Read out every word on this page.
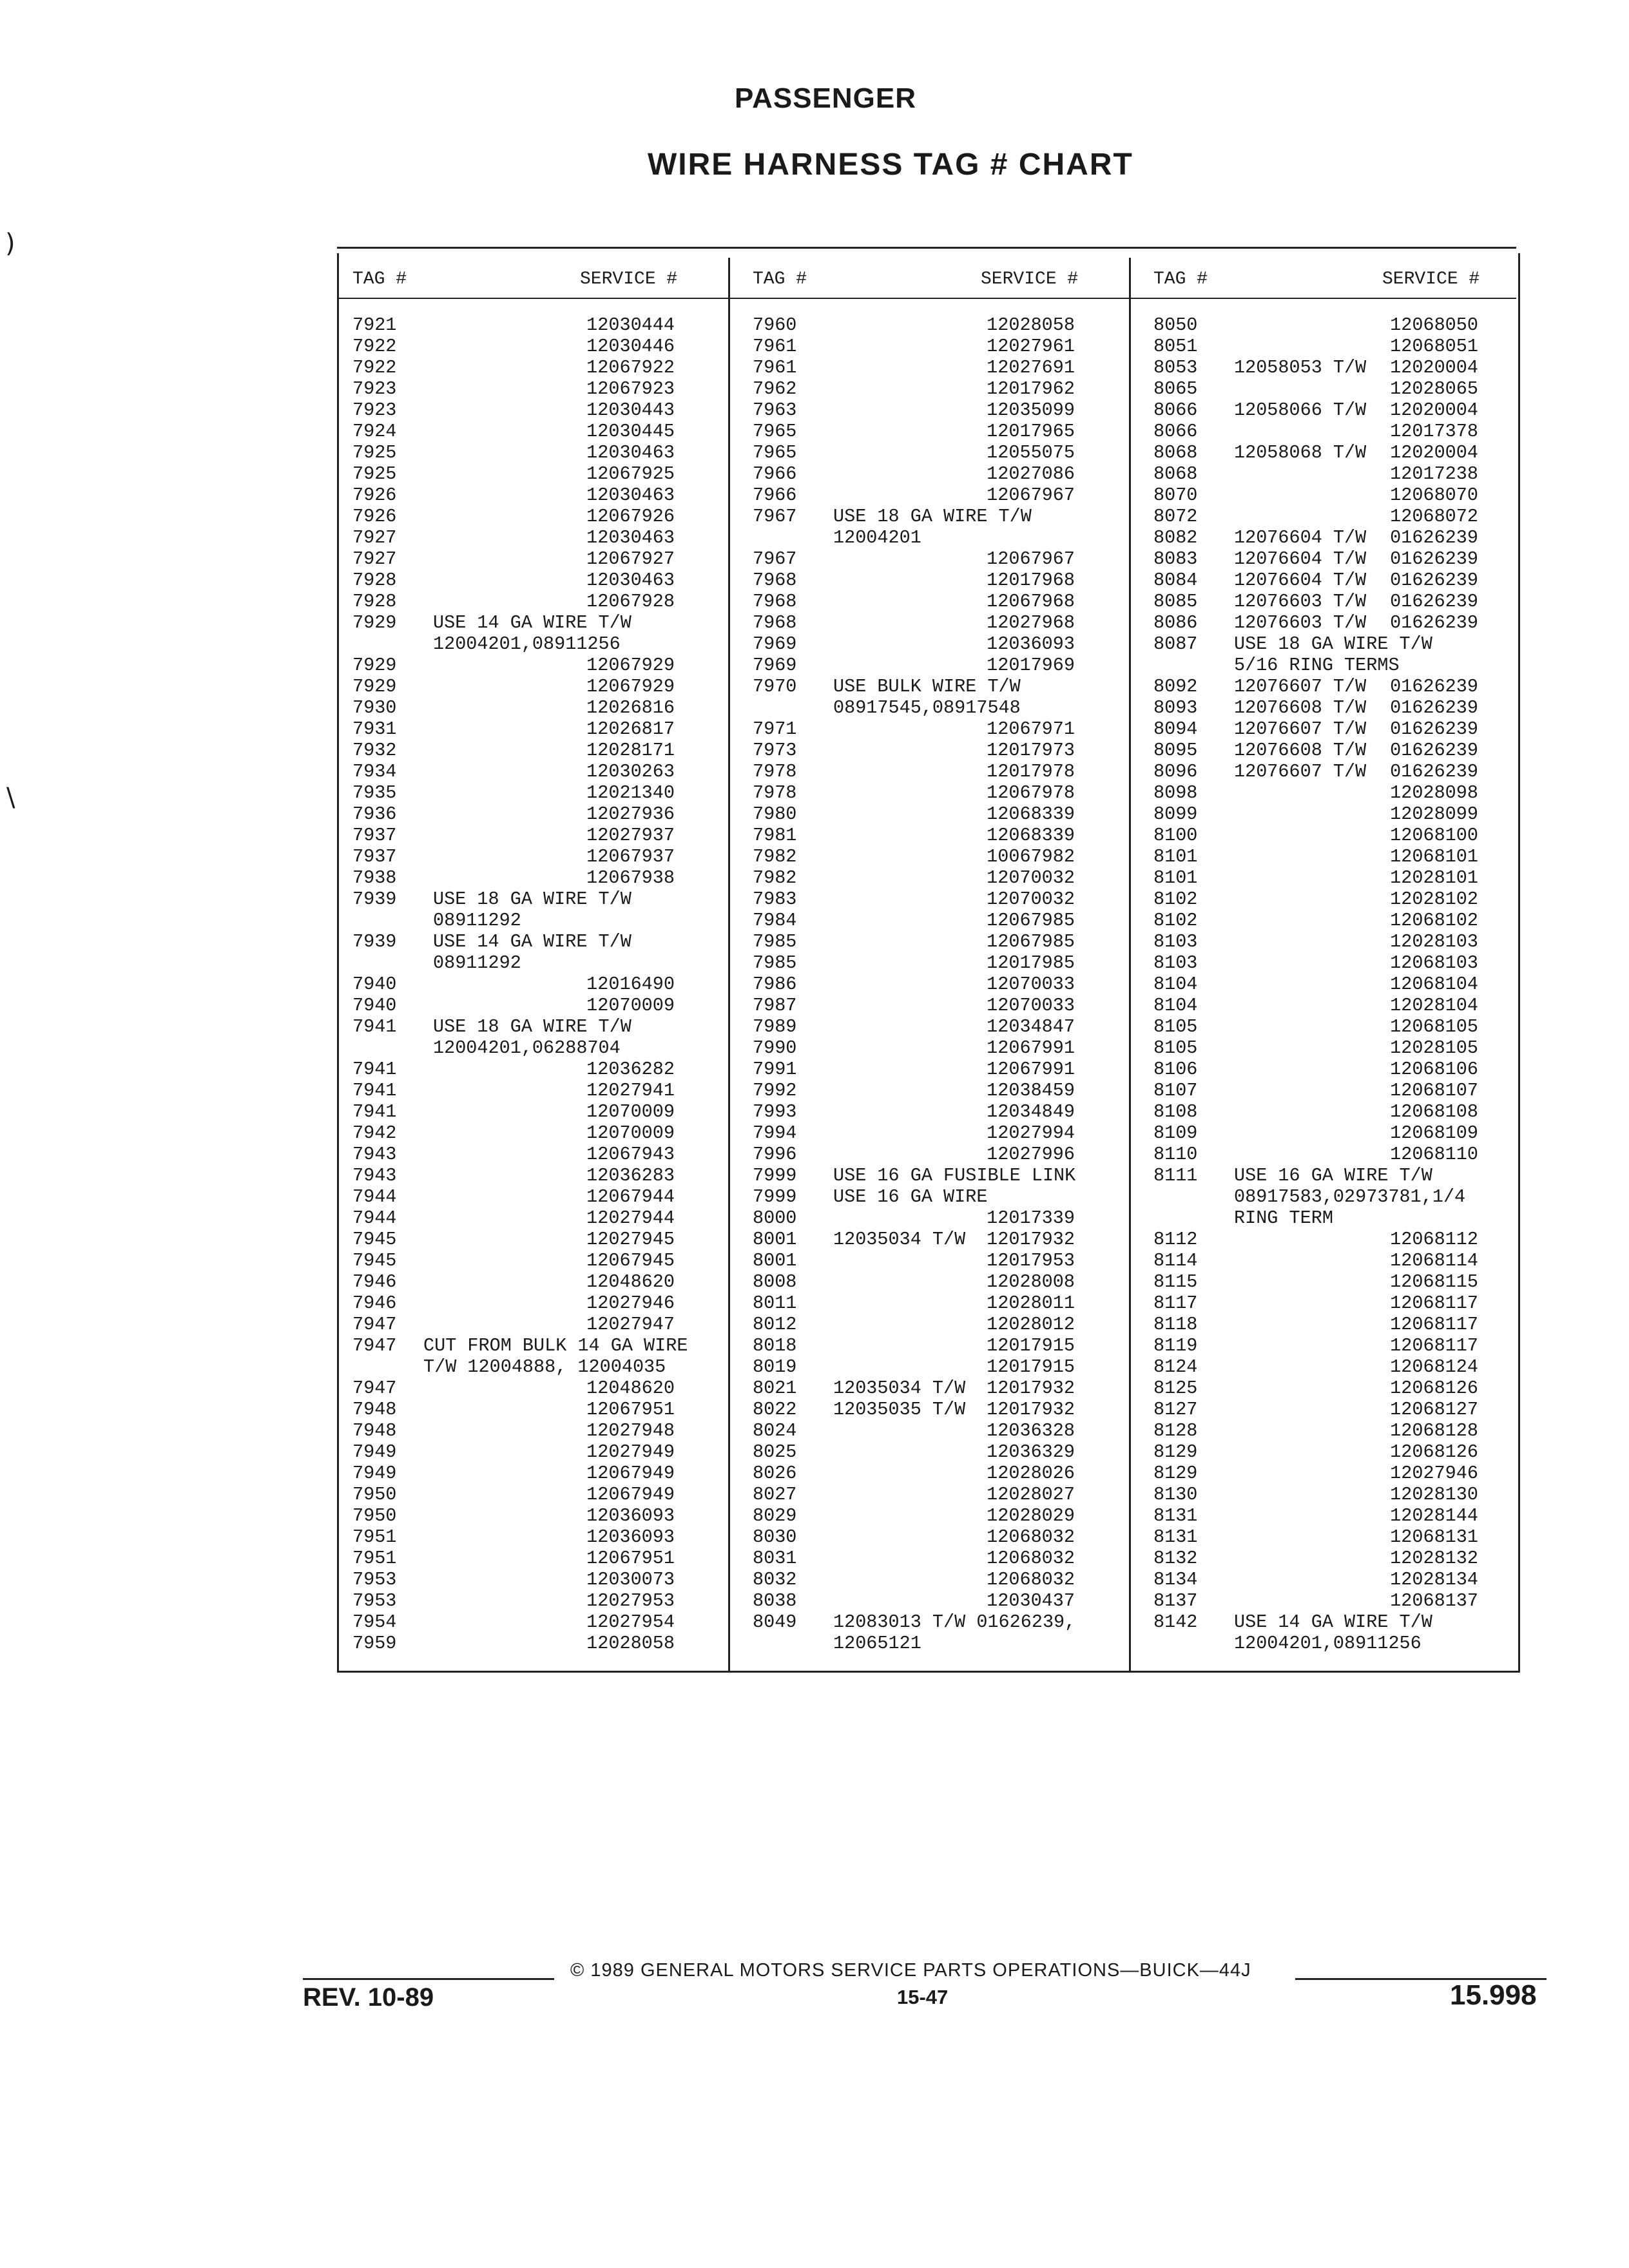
PASSENGER
WIRE HARNESS TAG # CHART
)
\
TAG #	SERVICE #	TAG #	SERVICE #	TAG #	SERVICE #
7921	12030444
7922	12030446
7922	12067922
7923	12067923
7923	12030443
7924	12030445
7925	12030463
7925	12067925
7926	12030463
7926	12067926
7927	12030463
7927	12067927
7928	12030463
7928	12067928
7929 USE 14 GA WIRE T/W
12004201,08911256
7929	12067929
7929	12067929
7930	12026816
7931	12026817
7932	12028171
7934	12030263
7935	12021340
7936	12027936
7937	12027937
7937	12067937
7938	12067938
7939 USE 18 GA WIRE T/W
08911292
7939 USE 14 GA WIRE T/W
08911292
7940	12016490
7940	12070009
7941 USE 18 GA WIRE T/W
12004201,06288704
7941	12036282
7941	12027941
7941	12070009
7942	12070009
7943	12067943
7943	12036283
7944	12067944
7944	12027944
7945	12027945
7945	12067945
7946	12048620
7946	12027946
7947	12027947
7947 CUT FROM BULK 14 GA WIRE
T/W 12004888, 12004035
7947	12048620
7948	12067951
7948	12027948
7949	12027949
7949	12067949
7950	12067949
7950	12036093
7951	12036093
7951	12067951
7953	12030073
7953	12027953
7954	12027954
7959	12028058
7960	12028058
7961	12027961
7961	12027691
7962	12017962
7963	12035099
7965	12017965
7965	12055075
7966	12027086
7966	12067967
7967 USE 18 GA WIRE T/W
12004201
7967	12067967
7968	12017968
7968	12067968
7968	12027968
7969	12036093
7969	12017969
7970 USE BULK WIRE T/W
08917545,08917548
7971	12067971
7973	12017973
7978	12017978
7978	12067978
7980	12068339
7981	12068339
7982	10067982
7982	12070032
7983	12070032
7984	12067985
7985	12067985
7985	12017985
7986	12070033
7987	12070033
7989	12034847
7990	12067991
7991	12067991
7992	12038459
7993	12034849
7994	12027994
7996	12027996
7999 USE 16 GA FUSIBLE LINK
7999 USE 16 GA WIRE
8000	12017339
8001 12035034 T/W 12017932
8001	12017953
8008	12028008
8011	12028011
8012	12028012
8018	12017915
8019	12017915
8021 12035034 T/W 12017932
8022 12035035 T/W 12017932
8024	12036328
8025	12036329
8026	12028026
8027	12028027
8029	12028029
8030	12068032
8031	12068032
8032	12068032
8038	12030437
8049 12083013 T/W 01626239,
12065121
8050	12068050
8051	12068051
8053 12058053 T/W 12020004
8065	12028065
8066 12058066 T/W 12020004
8066	12017378
8068 12058068 T/W 12020004
8068	12017238
8070	12068070
8072	12068072
8082 12076604 T/W 01626239
8083 12076604 T/W 01626239
8084 12076604 T/W 01626239
8085 12076603 T/W 01626239
8086 12076603 T/W 01626239
8087 USE 18 GA WIRE T/W
5/16 RING TERMS
8092 12076607 T/W 01626239
8093 12076608 T/W 01626239
8094 12076607 T/W 01626239
8095 12076608 T/W 01626239
8096 12076607 T/W 01626239
8098	12028098
8099	12028099
8100	12068100
8101	12068101
8101	12028101
8102	12028102
8102	12068102
8103	12028103
8103	12068103
8104	12068104
8104	12028104
8105	12068105
8105	12028105
8106	12068106
8107	12068107
8108	12068108
8109	12068109
8110	12068110
8111 USE 16 GA WIRE T/W
08917583,02973781,1/4
RING TERM
8112	12068112
8114	12068114
8115	12068115
8117	12068117
8118	12068117
8119	12068117
8124	12068124
8125	12068126
8127	12068127
8128	12068128
8129	12068126
8129	12027946
8130	12028130
8131	12028144
8131	12068131
8132	12028132
8134	12028134
8137	12068137
8142 USE 14 GA WIRE T/W
12004201,08911256
© 1989 GENERAL MOTORS SERVICE PARTS OPERATIONS—BUICK—44J
REV. 10-89	15-47	15.998
